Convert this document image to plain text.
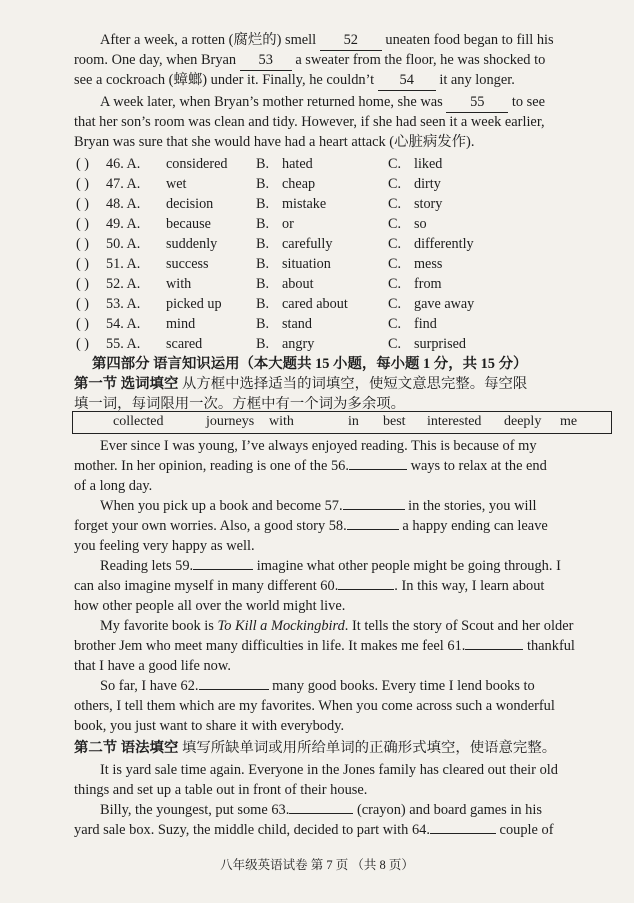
After a week, a rotten (腐烂的) smell 52 uneaten food began to fill his
room. One day, when Bryan 53 a sweater from the floor, he was shocked to
see a cockroach (蟑螂) under it. Finally, he couldn’t 54 it any longer.
A week later, when Bryan’s mother returned home, she was 55 to see
that her son’s room was clean and tidy. However, if she had seen it a week earlier,
Bryan was sure that she would have had a heart attack (心脏病发作).
( ) 46. A. considered B. hated	C. liked
( ) 47. A. wet	B. cheap	C. dirty
( ) 48. A. decision	B. mistake	C. story
( ) 49. A. because	B. or	C. so
( ) 50. A. suddenly	B. carefully	C. differently
( ) 51. A. success	B. situation	C. mess
( ) 52. A. with	B. about	C. from
( ) 53. A. picked up B. cared about	C. gave away
( ) 54. A. mind	B. stand	C. find
( ) 55. A. scared	B. angry	C. surprised
第四部分 语言知识运用（本大题共 15 小题，每小题 1 分，共 15 分）
第一节 选词填空 从方框中选择适当的词填空，使短文意思完整。每空限
填一词，每词限用一次。方框中有一个词为多余项。
collected	journeys with	in best interested deeply me
Ever since I was young, I’ve always enjoyed reading. This is because of my
mother. In her opinion, reading is one of the 56.	ways to relax at the end
of a long day.
When you pick up a book and become 57.	in the stories, you will
forget your own worries. Also, a good story 58.	a happy ending can leave
you feeling very happy as well.
Reading lets 59.	imagine what other people might be going through. I
can also imagine myself in many different 60.	. In this way, I learn about
how other people all over the world might live.
My favorite book is To Kill a Mockingbird. It tells the story of Scout and her older
brother Jem who meet many difficulties in life. It makes me feel 61.	thankful
that I have a good life now.
So far, I have 62.	many good books. Every time I lend books to
others, I tell them which are my favorites. When you come across such a wonderful
book, you just want to share it with everybody.
第二节 语法填空 填写所缺单词或用所给单词的正确形式填空，使语意完整。
It is yard sale time again. Everyone in the Jones family has cleared out their old
things and set up a table out in front of their house.
Billy, the youngest, put some 63.	(crayon) and board games in his
yard sale box. Suzy, the middle child, decided to part with 64.	couple of
八年级英语试卷 第 7 页 （共 8 页）
